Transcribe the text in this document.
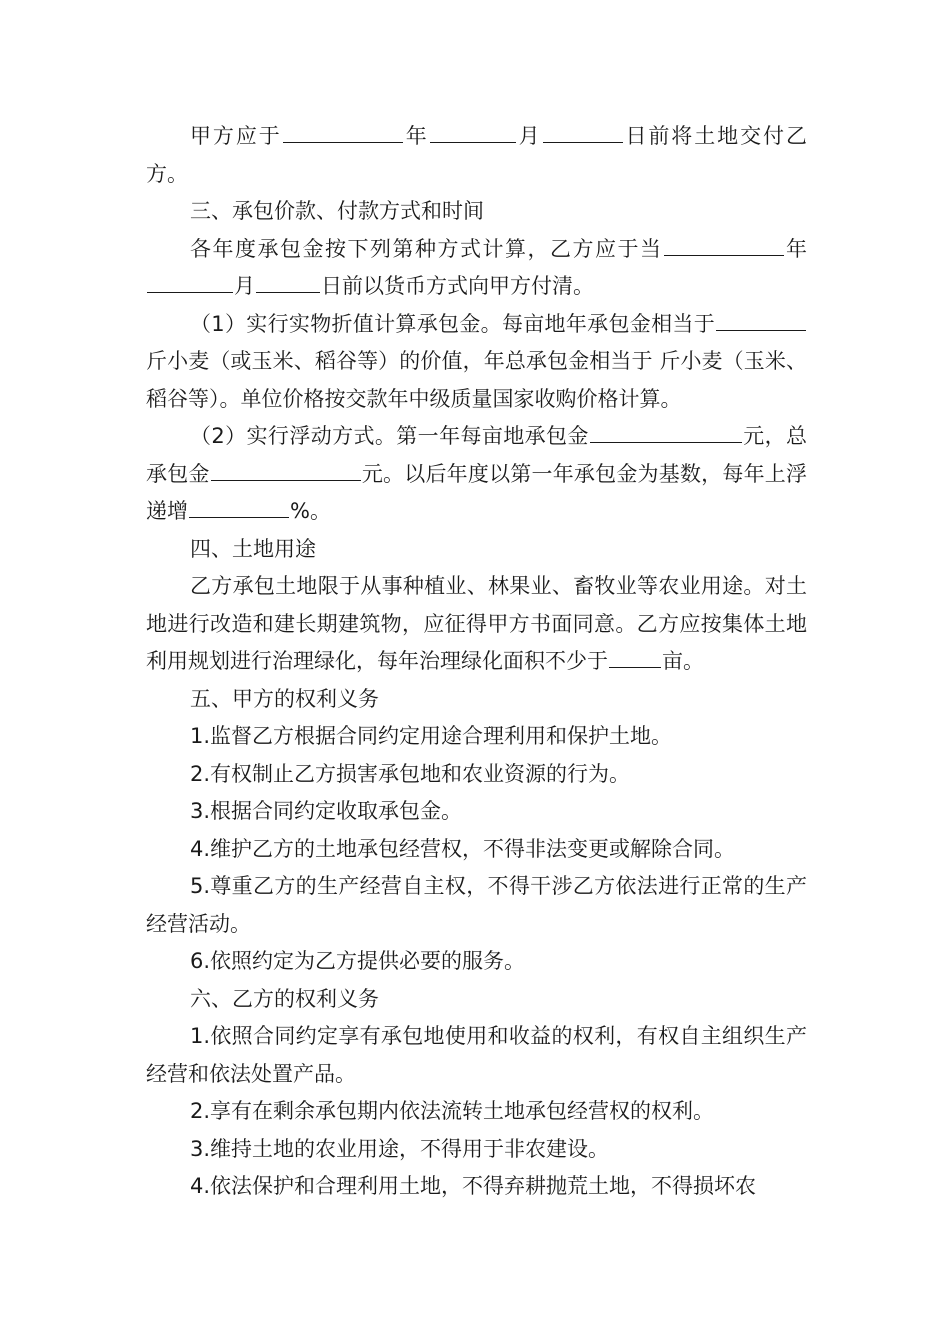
甲方应于	年	月	日前将土地交付乙方。

三、承包价款、付款方式和时间

各年度承包金按下列第种方式计算，乙方应于当	年月	日前以货币方式向甲方付清。

（1）实行实物折值计算承包金。每亩地年承包金相当于斤小麦（或玉米、稻谷等）的价值，年总承包金相当于 斤小麦（玉米、稻谷等）。单位价格按交款年中级质量国家收购价格计算。

（2）实行浮动方式。第一年每亩地承包金	元，总承包金	元。以后年度以第一年承包金为基数，每年上浮递增	%。

四、土地用途

乙方承包土地限于从事种植业、林果业、畜牧业等农业用途。对土地进行改造和建长期建筑物，应征得甲方书面同意。乙方应按集体土地利用规划进行治理绿化，每年治理绿化面积不少于	亩。

五、甲方的权利义务

1.监督乙方根据合同约定用途合理利用和保护土地。

2.有权制止乙方损害承包地和农业资源的行为。

3.根据合同约定收取承包金。

4.维护乙方的土地承包经营权，不得非法变更或解除合同。

5.尊重乙方的生产经营自主权，不得干涉乙方依法进行正常的生产经营活动。

6.依照约定为乙方提供必要的服务。

六、乙方的权利义务

1.依照合同约定享有承包地使用和收益的权利，有权自主组织生产经营和依法处置产品。

2.享有在剩余承包期内依法流转土地承包经营权的权利。

3.维持土地的农业用途，不得用于非农建设。

4.依法保护和合理利用土地，不得弃耕抛荒土地，不得损坏农
